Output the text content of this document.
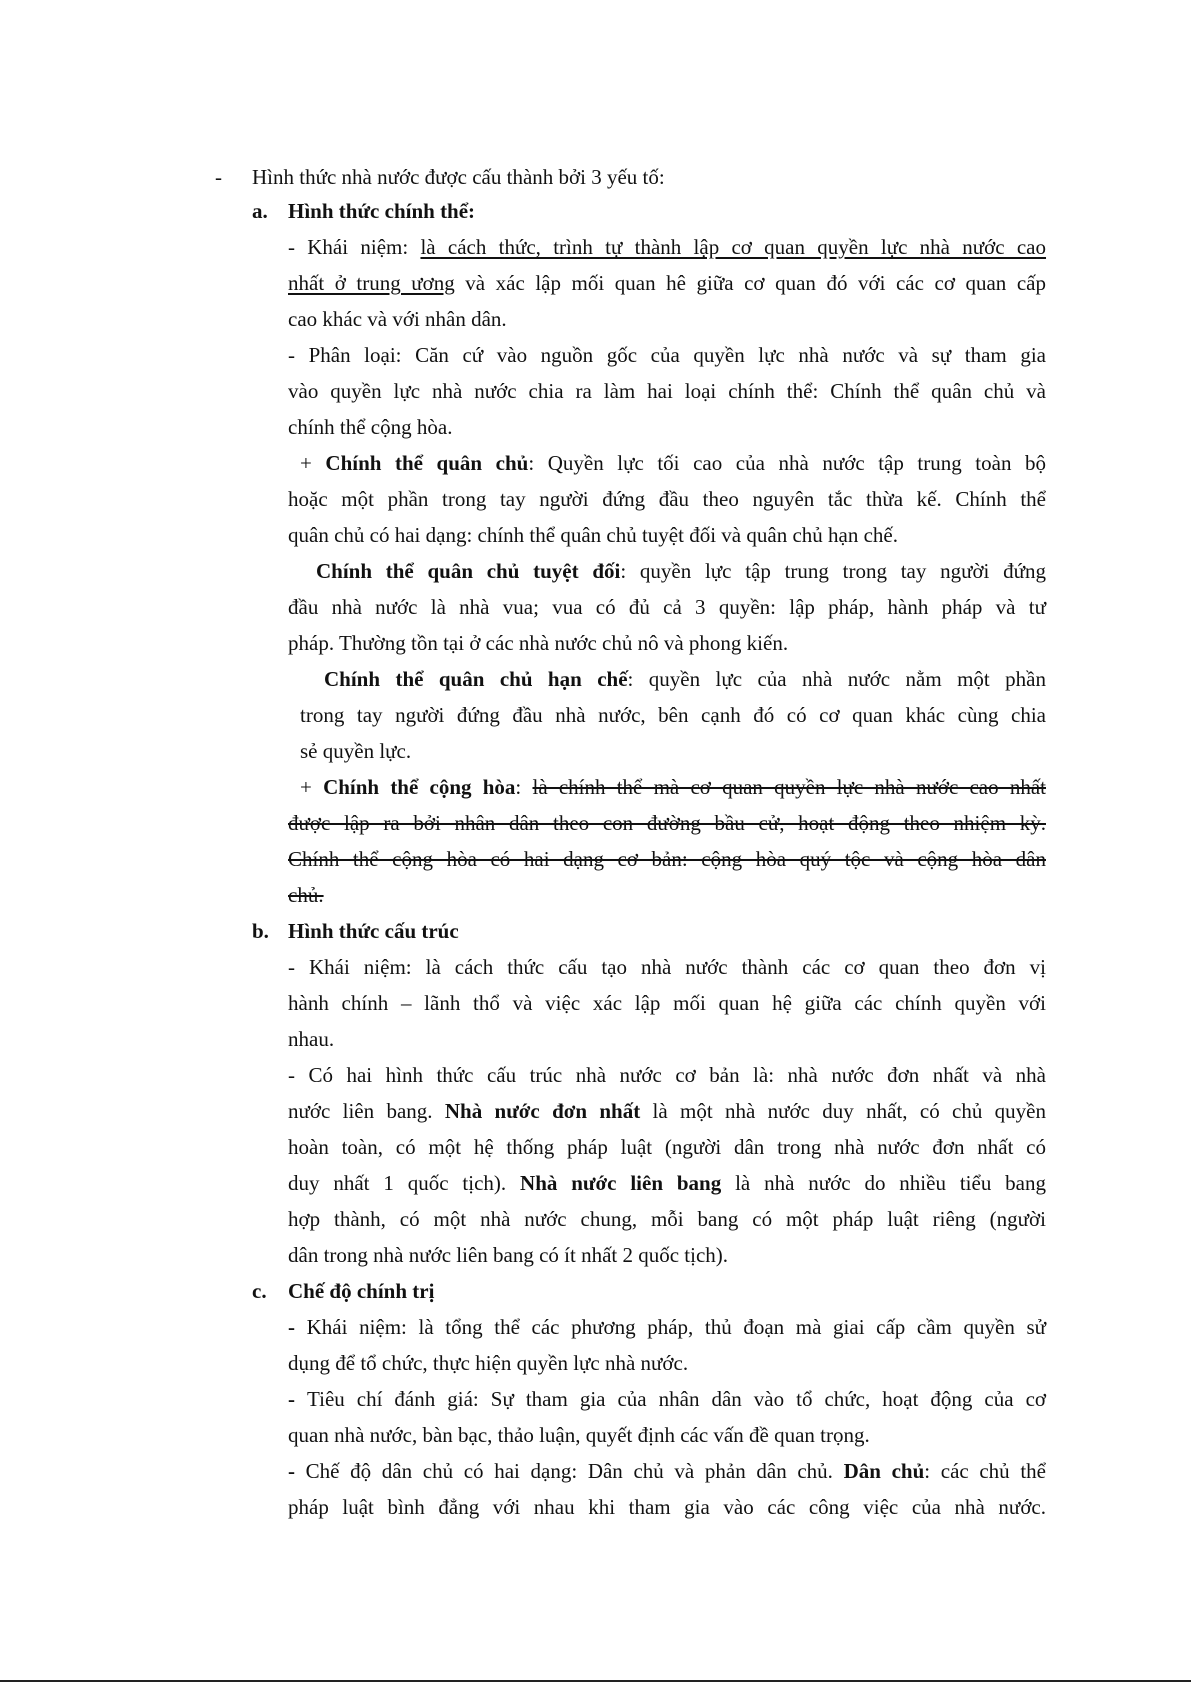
- Hình thức nhà nước được cấu thành bởi 3 yếu tố:
a. Hình thức chính thể:
- Khái niệm: là cách thức, trình tự thành lập cơ quan quyền lực nhà nước cao
nhất ở trung ương và xác lập mối quan hê giữa cơ quan đó với các cơ quan cấp
cao khác và với nhân dân.
- Phân loại: Căn cứ vào nguồn gốc của quyền lực nhà nước và sự tham gia
vào quyền lực nhà nước chia ra làm hai loại chính thể: Chính thể quân chủ và
chính thể cộng hòa.
+ Chính thể quân chủ: Quyền lực tối cao của nhà nước tập trung toàn bộ
hoặc một phần trong tay người đứng đầu theo nguyên tắc thừa kế. Chính thể
quân chủ có hai dạng: chính thể quân chủ tuyệt đối và quân chủ hạn chế.
Chính thể quân chủ tuyệt đối: quyền lực tập trung trong tay người đứng
đầu nhà nước là nhà vua; vua có đủ cả 3 quyền: lập pháp, hành pháp và tư
pháp. Thường tồn tại ở các nhà nước chủ nô và phong kiến.
Chính thể quân chủ hạn chế: quyền lực của nhà nước nằm một phần
trong tay người đứng đầu nhà nước, bên cạnh đó có cơ quan khác cùng chia
sẻ quyền lực.
+ Chính thể cộng hòa: là chính thể mà cơ quan quyền lực nhà nước cao nhất
được lập ra bởi nhân dân theo con đường bầu cử, hoạt động theo nhiệm kỳ.
Chính thể cộng hòa có hai dạng cơ bản: cộng hòa quý tộc và cộng hòa dân
chủ.
b. Hình thức cấu trúc
- Khái niệm: là cách thức cấu tạo nhà nước thành các cơ quan theo đơn vị
hành chính – lãnh thổ và việc xác lập mối quan hệ giữa các chính quyền với
nhau.
- Có hai hình thức cấu trúc nhà nước cơ bản là: nhà nước đơn nhất và nhà
nước liên bang. Nhà nước đơn nhất là một nhà nước duy nhất, có chủ quyền
hoàn toàn, có một hệ thống pháp luật (người dân trong nhà nước đơn nhất có
duy nhất 1 quốc tịch). Nhà nước liên bang là nhà nước do nhiều tiểu bang
hợp thành, có một nhà nước chung, mỗi bang có một pháp luật riêng (người
dân trong nhà nước liên bang có ít nhất 2 quốc tịch).
c. Chế độ chính trị
- Khái niệm: là tổng thể các phương pháp, thủ đoạn mà giai cấp cầm quyền sử
dụng để tổ chức, thực hiện quyền lực nhà nước.
- Tiêu chí đánh giá: Sự tham gia của nhân dân vào tổ chức, hoạt động của cơ
quan nhà nước, bàn bạc, thảo luận, quyết định các vấn đề quan trọng.
- Chế độ dân chủ có hai dạng: Dân chủ và phản dân chủ. Dân chủ: các chủ thể
pháp luật bình đẳng với nhau khi tham gia vào các công việc của nhà nước.
